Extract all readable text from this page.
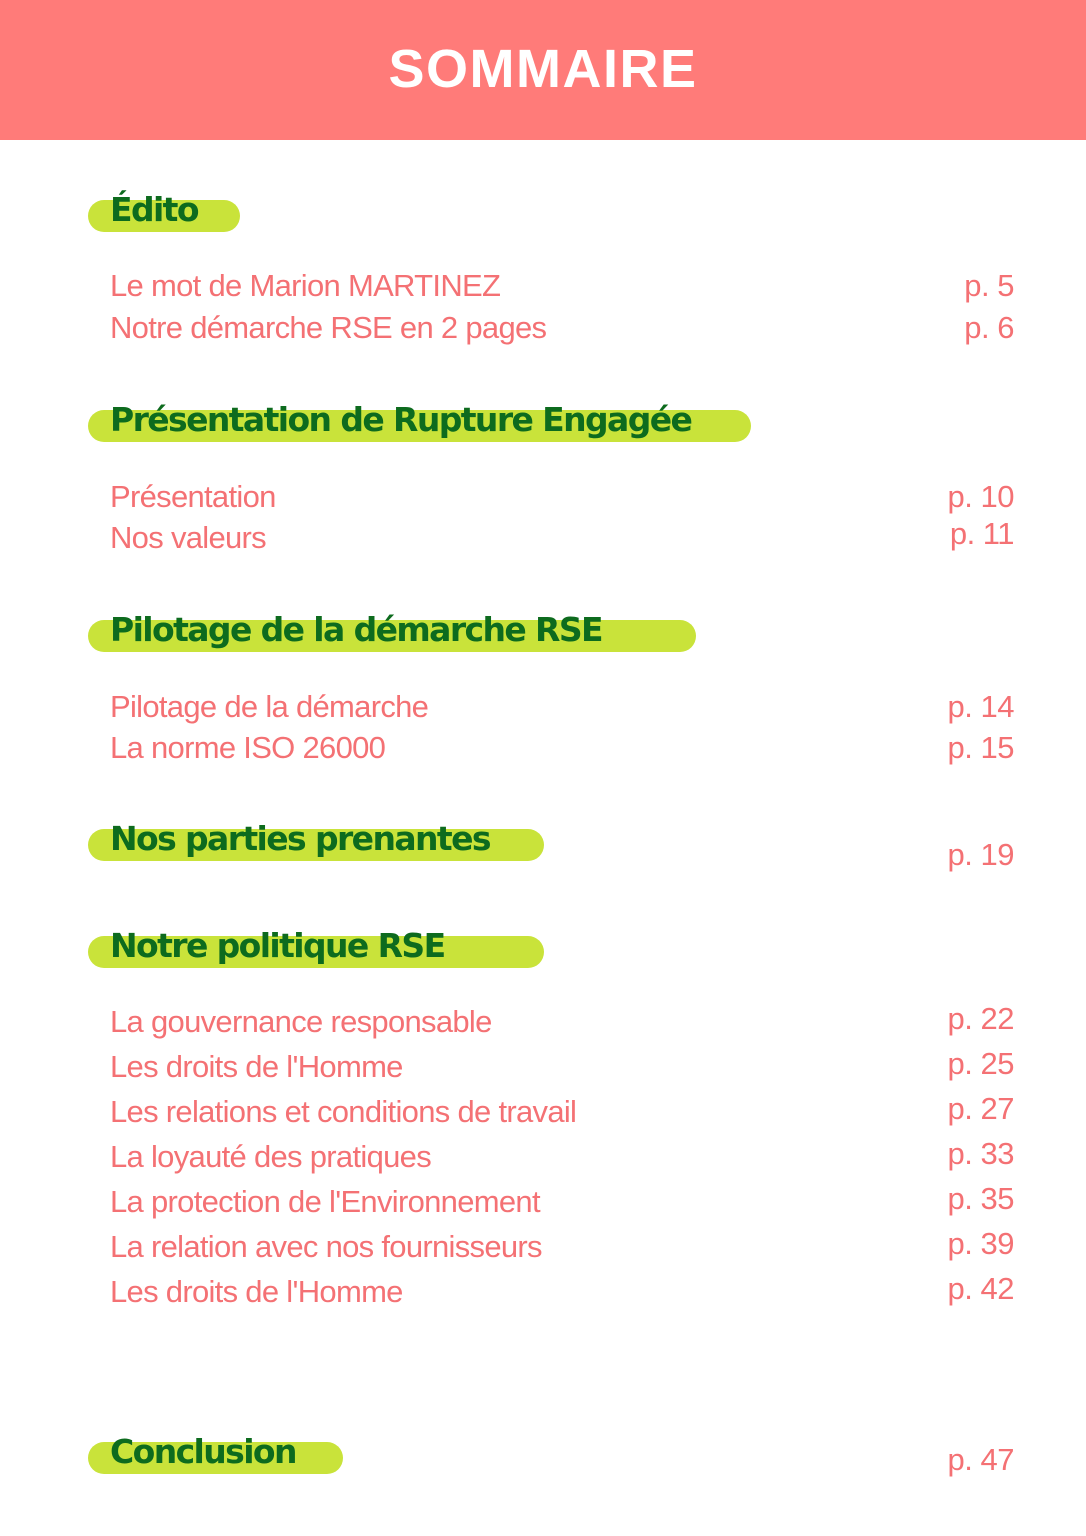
SOMMAIRE
Édito
Le mot de Marion MARTINEZ	p. 5
Notre démarche RSE en 2 pages	p. 6
Présentation de Rupture Engagée
Présentation	p. 10
Nos valeurs	p. 11
Pilotage de la démarche RSE
Pilotage de la démarche	p. 14
La norme ISO 26000	p. 15
Nos parties prenantes	p. 19
Notre politique RSE
La gouvernance responsable	p. 22
Les droits de l'Homme	p. 25
Les relations et conditions de travail	p. 27
La loyauté des pratiques	p. 33
La protection de l'Environnement	p. 35
La relation avec nos fournisseurs	p. 39
Les droits de l'Homme	p. 42
Conclusion	p. 47
